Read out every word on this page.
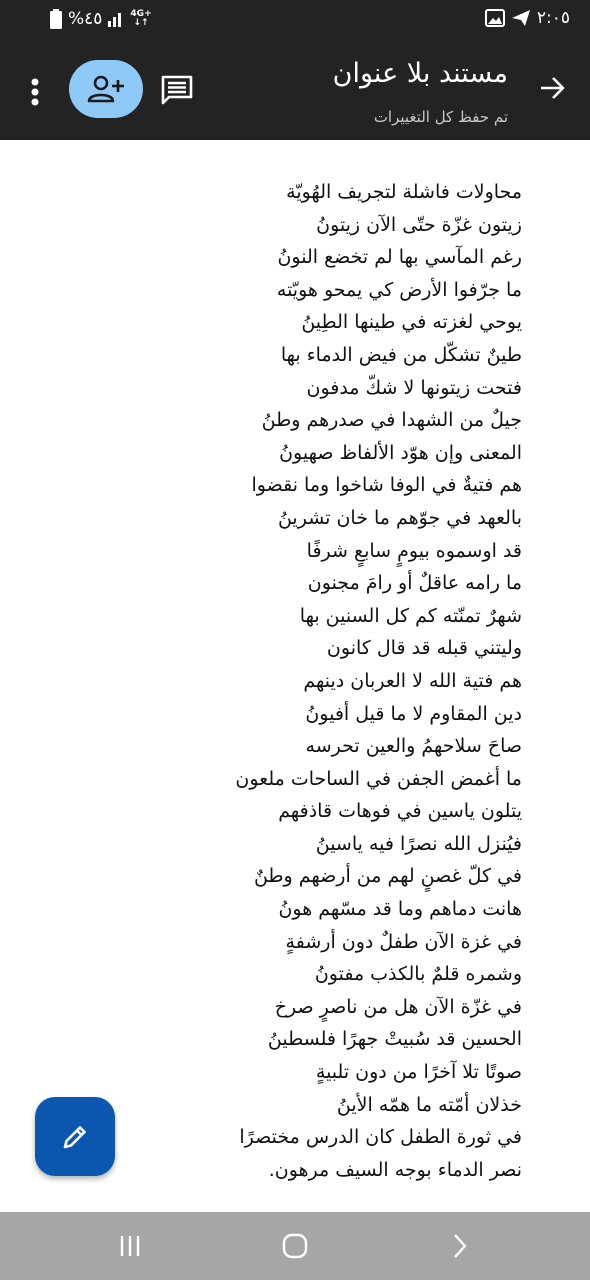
%٤٥	4G+
↓↑	٢:٠٥
مستند بلا عنوان
تم حفظ كل التغييرات
محاولات فاشلة لتجريف الهُويّة
زيتون غزّة حتّى الآن زيتونُ
رغم المآسي بها لم تخضع النونُ
ما جرّفوا الأرض كي يمحو هويّته
يوحي لغزته في طينها الطِينُ
طينٌ تشكّل من فيض الدماء بها
فتحت زيتونها لا شكّ مدفون
جيلٌ من الشهدا في صدرهم وطنُ
المعنى وإن هوّد الألفاظ صهيونُ
هم فتيةٌ في الوفا شاخوا وما نقضوا
بالعهد في جوّهم ما خان تشرينُ
قد اوسموه بيومٍ سابعٍ شرفًا
ما رامه عاقلٌ أو رامَ مجنون
شهرٌ تمنّته كم كل السنين بها
وليتني قبله قد قال كانون
هم فتية الله لا العربان دينهم
دين المقاوم لا ما قيل أفيونُ
صاحَ سلاحهمُ والعين تحرسه
ما أغمض الجفن في الساحات ملعون
يتلون ياسين في فوهات قاذفهم
فيُنزل الله نصرًا فيه ياسينُ
في كلّ غصنٍ لهم من أرضهم وطنٌ
هانت دماهم وما قد مسّهم هونُ
في غزة الآن طفلٌ دون أرشفةٍ
وشمره قلمٌ بالكذب مفتونُ
في غزّة الآن هل من ناصرٍ صرخ
الحسين قد سُبيتْ جهرًا فلسطينُ
صوتًا تلا آخرًا من دون تلبيةٍ
خذلان أمّته ما همّه الأينُ
في ثورة الطفل كان الدرس مختصرًا
نصر الدماء بوجه السيف مرهون.
